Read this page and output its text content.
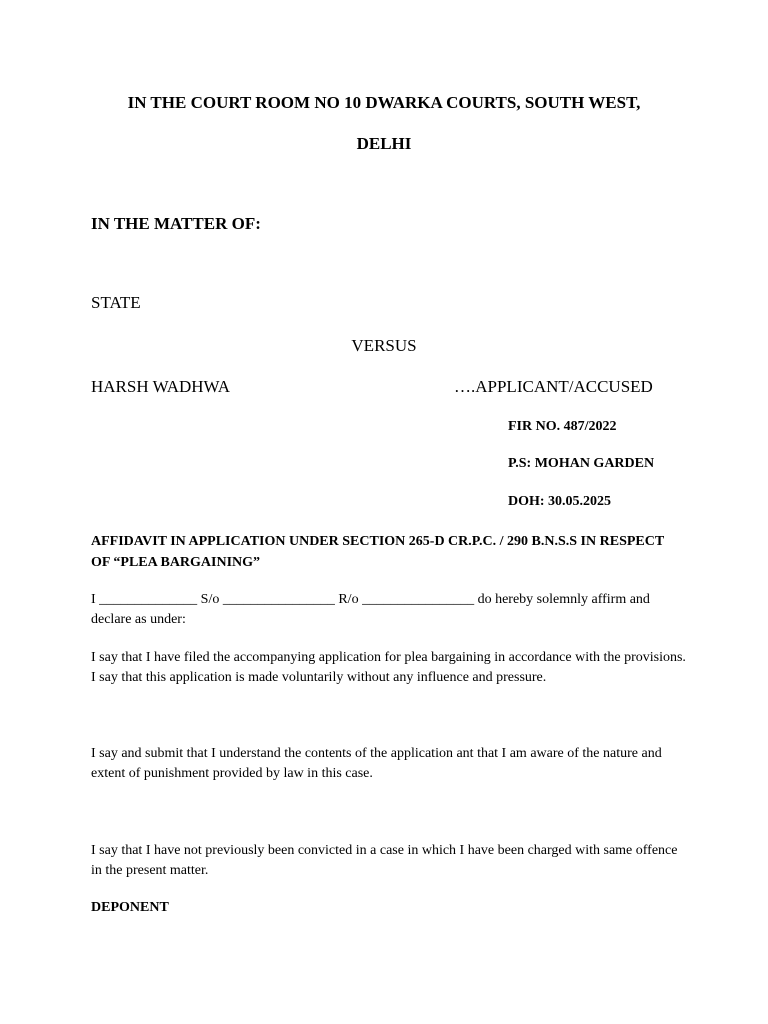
IN THE COURT ROOM NO 10 DWARKA COURTS, SOUTH WEST,
DELHI
IN THE MATTER OF:
STATE
VERSUS
HARSH WADHWA	….APPLICANT/ACCUSED
FIR NO. 487/2022
P.S: MOHAN GARDEN
DOH: 30.05.2025
AFFIDAVIT IN APPLICATION UNDER SECTION 265-D CR.P.C. / 290 B.N.S.S IN RESPECT OF “PLEA BARGAINING”
I ______________ S/o ________________ R/o ________________ do hereby solemnly affirm and declare as under:
I say that I have filed the accompanying application for plea bargaining in accordance with the provisions. I say that this application is made voluntarily without any influence and pressure.
I say and submit that I understand the contents of the application ant that I am aware of the nature and extent of punishment provided by law in this case.
I say that I have not previously been convicted in a case in which I have been charged with same offence in the present matter.
DEPONENT
